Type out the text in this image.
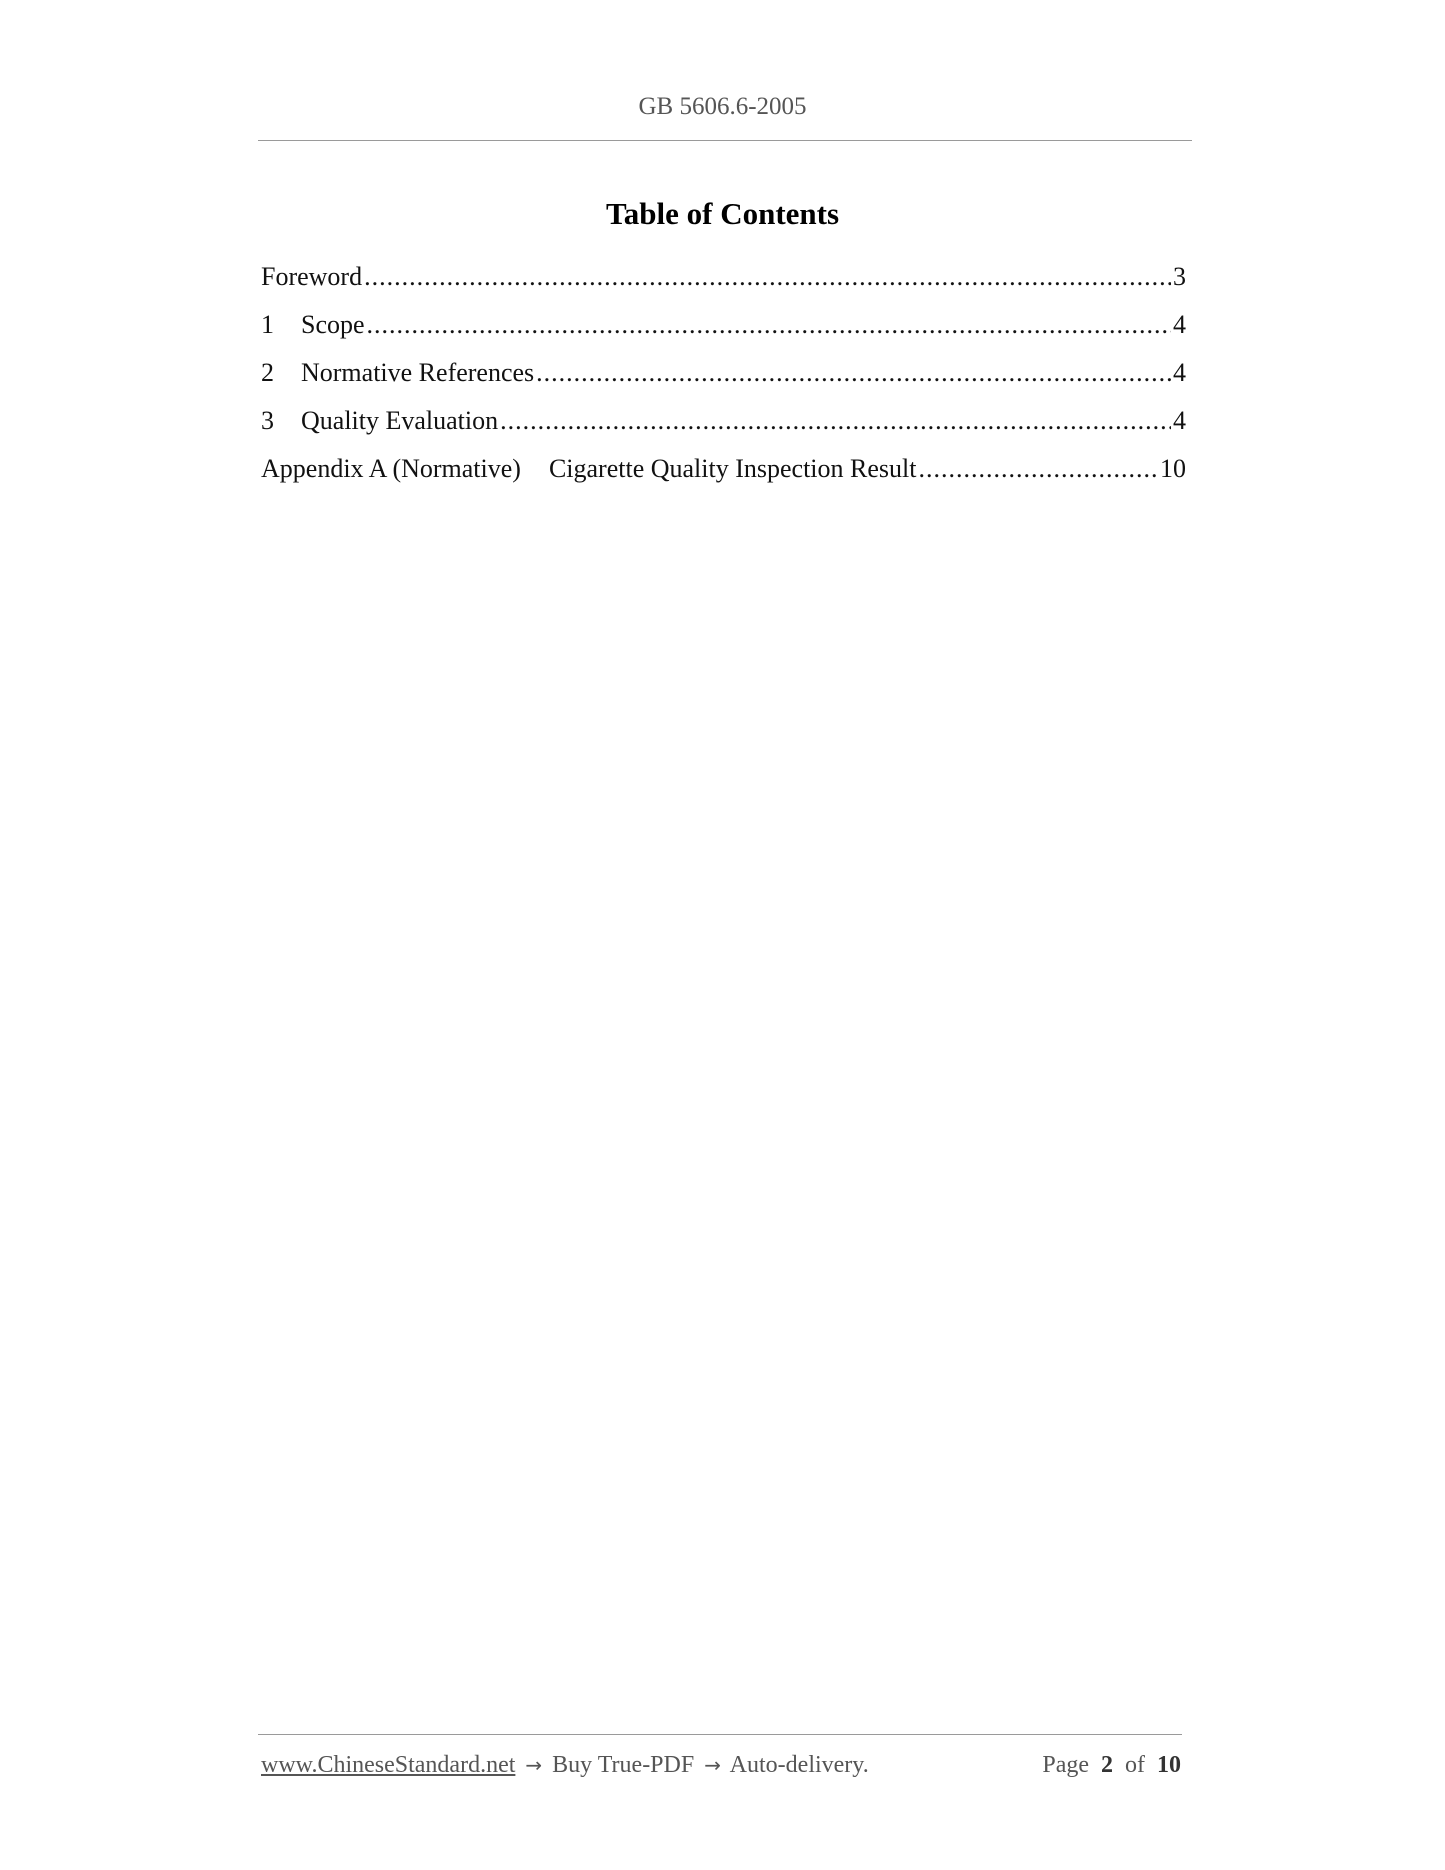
GB 5606.6-2005
Table of Contents
Foreword .....	3
1	Scope .....	4
2	Normative References .....	4
3	Quality Evaluation .....	4
Appendix A (Normative) Cigarette Quality Inspection Result .....	10
www.ChineseStandard.net → Buy True-PDF → Auto-delivery.	Page 2 of 10
